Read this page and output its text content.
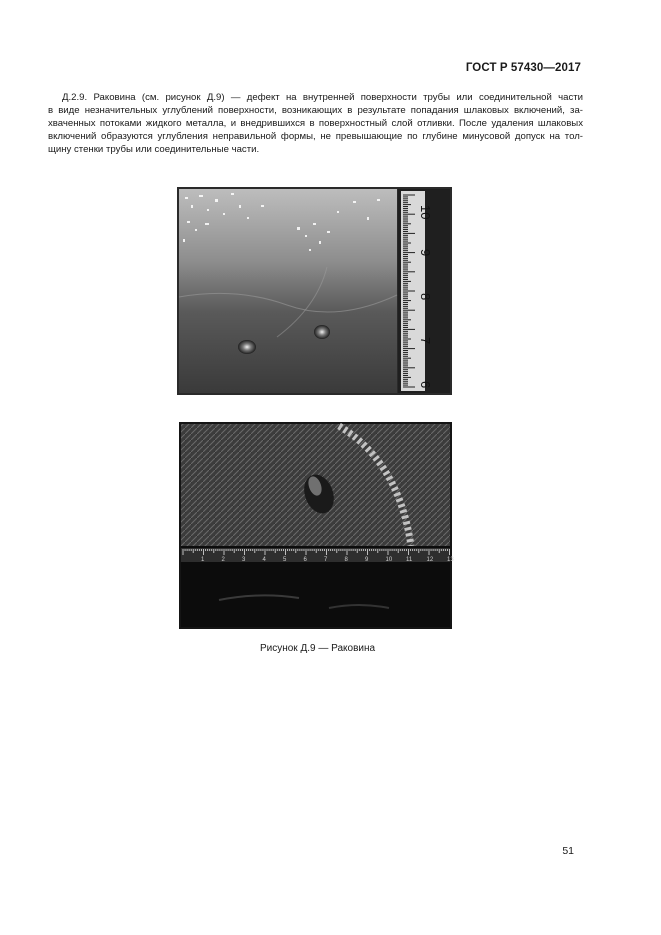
ГОСТ Р 57430—2017
Д.2.9. Раковина (см. рисунок Д.9) — дефект на внутренней поверхности трубы или соединительной части
в виде незначительных углублений поверхности, возникающих в результате попадания шлаковых включений, за-
хваченных потоками жидкого металла, и внедрившихся в поверхностный слой отливки. После удаления шлаковых
включений образуются углубления неправильной формы, не превышающие по глубине минусовой допуск на тол-
щину стенки трубы или соединительные части.
10
9
8
7
6
1	2	3	4	5	6	7	8	9	10 11 12 13
Рисунок Д.9 — Раковина
51
